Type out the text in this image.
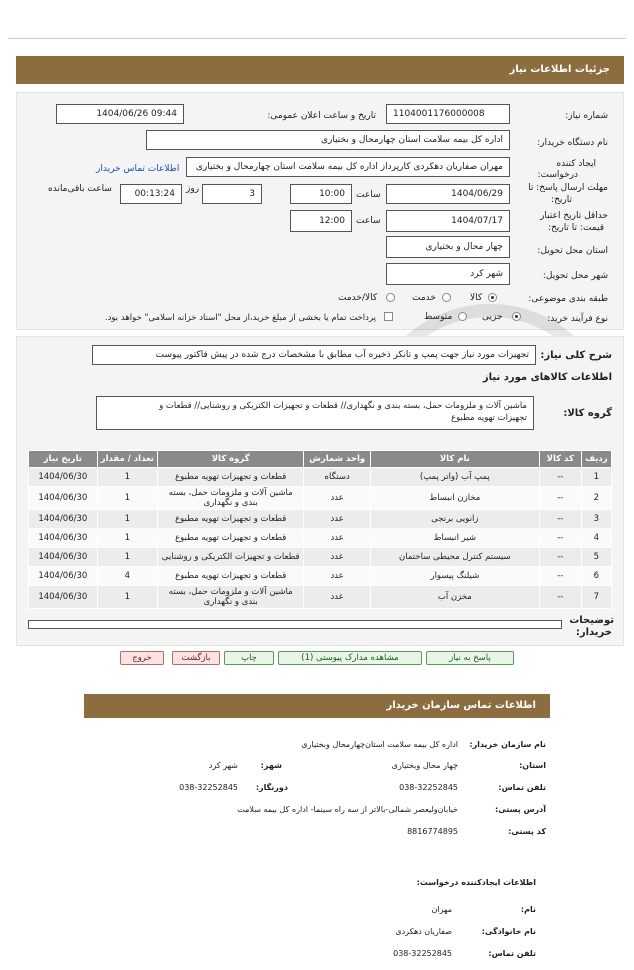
جزئیات اطلاعات نیاز
شماره نیاز:
1104001176000008
تاریخ و ساعت اعلان عمومی:
1404/06/26 09:44
نام دستگاه خریدار:
اداره کل بیمه سلامت استان چهارمحال و بختیاری
ایجاد کننده
درخواست:
مهران صفاریان دهکردی کارپرداز اداره کل بیمه سلامت استان چهارمحال و بختیاری
اطلاعات تماس خریدار
مهلت ارسال پاسخ: تا
تاریخ:
1404/06/29
ساعت
10:00
3
روز
00:13:24
ساعت باقی‌مانده
حداقل تاریخ اعتبار
قیمت: تا تاریخ:
1404/07/17
ساعت
12:00
استان محل تحویل:
چهار محال و بختیاری
شهر محل تحویل:
شهر کرد
طبقه بندی موضوعی:
کالا
خدمت
کالا/خدمت
نوع فرآیند خرید:
جزیی
متوسط
پرداخت تمام یا بخشی از مبلغ خرید،از محل "اسناد خزانه اسلامی" خواهد بود.
شرح کلی نیاز:
تجهیزات مورد نیاز جهت پمپ و تانکر ذخیره آب مطابق با مشخصات درج شده در پیش فاکتور پیوست
اطلاعات کالاهای مورد نیاز
گروه کالا:
ماشین آلات و ملزومات حمل، بسته بندی و نگهداری// قطعات و تجهیزات الکتریکی و روشنایی// قطعات و
تجهیزات تهویه مطبوع
ردیف	کد کالا	نام کالا	واحد شمارش	گروه کالا	تعداد / مقدار	تاریخ نیاز
1	--	پمپ آب (واتر پمپ)	دستگاه	قطعات و تجهیزات تهویه مطبوع	1	1404/06/30
2	--	مخازن انبساط	عدد	ماشین آلات و ملزومات حمل، بسته بندی و نگهداری	1	1404/06/30
3	--	زانویی برنجی	عدد	قطعات و تجهیزات تهویه مطبوع	1	1404/06/30
4	--	شیر انبساط	عدد	قطعات و تجهیزات تهویه مطبوع	1	1404/06/30
5	--	سیستم کنترل محیطی ساختمان	عدد	قطعات و تجهیزات الکتریکی و روشنایی	1	1404/06/30
6	--	شیلنگ پیسوار	عدد	قطعات و تجهیزات تهویه مطبوع	4	1404/06/30
7	--	مخزن آب	عدد	ماشین آلات و ملزومات حمل، بسته بندی و نگهداری	1	1404/06/30
توضیحات
خریدار:
پاسخ به نیاز
مشاهده مدارک پیوستی (1)
چاپ
بازگشت
خروج
اطلاعات تماس سازمان خریدار
نام سازمان خریدار:
اداره کل بیمه سلامت استان‌چهارمحال وبختیاری
استان:
چهار محال وبختیاری
شهر:
شهر کرد
تلفن تماس:
038-32252845
دورنگار:
038-32252845
آدرس پستی:
خیابان‌ولیعصر شمالی-بالاتر از سه راه سینما- اداره کل بیمه سلامت
کد پستی:
8816774895
اطلاعات ایجادکننده درخواست:
نام:
مهران
نام خانوادگی:
صفاریان دهکردی
تلفن تماس:
038-32252845
